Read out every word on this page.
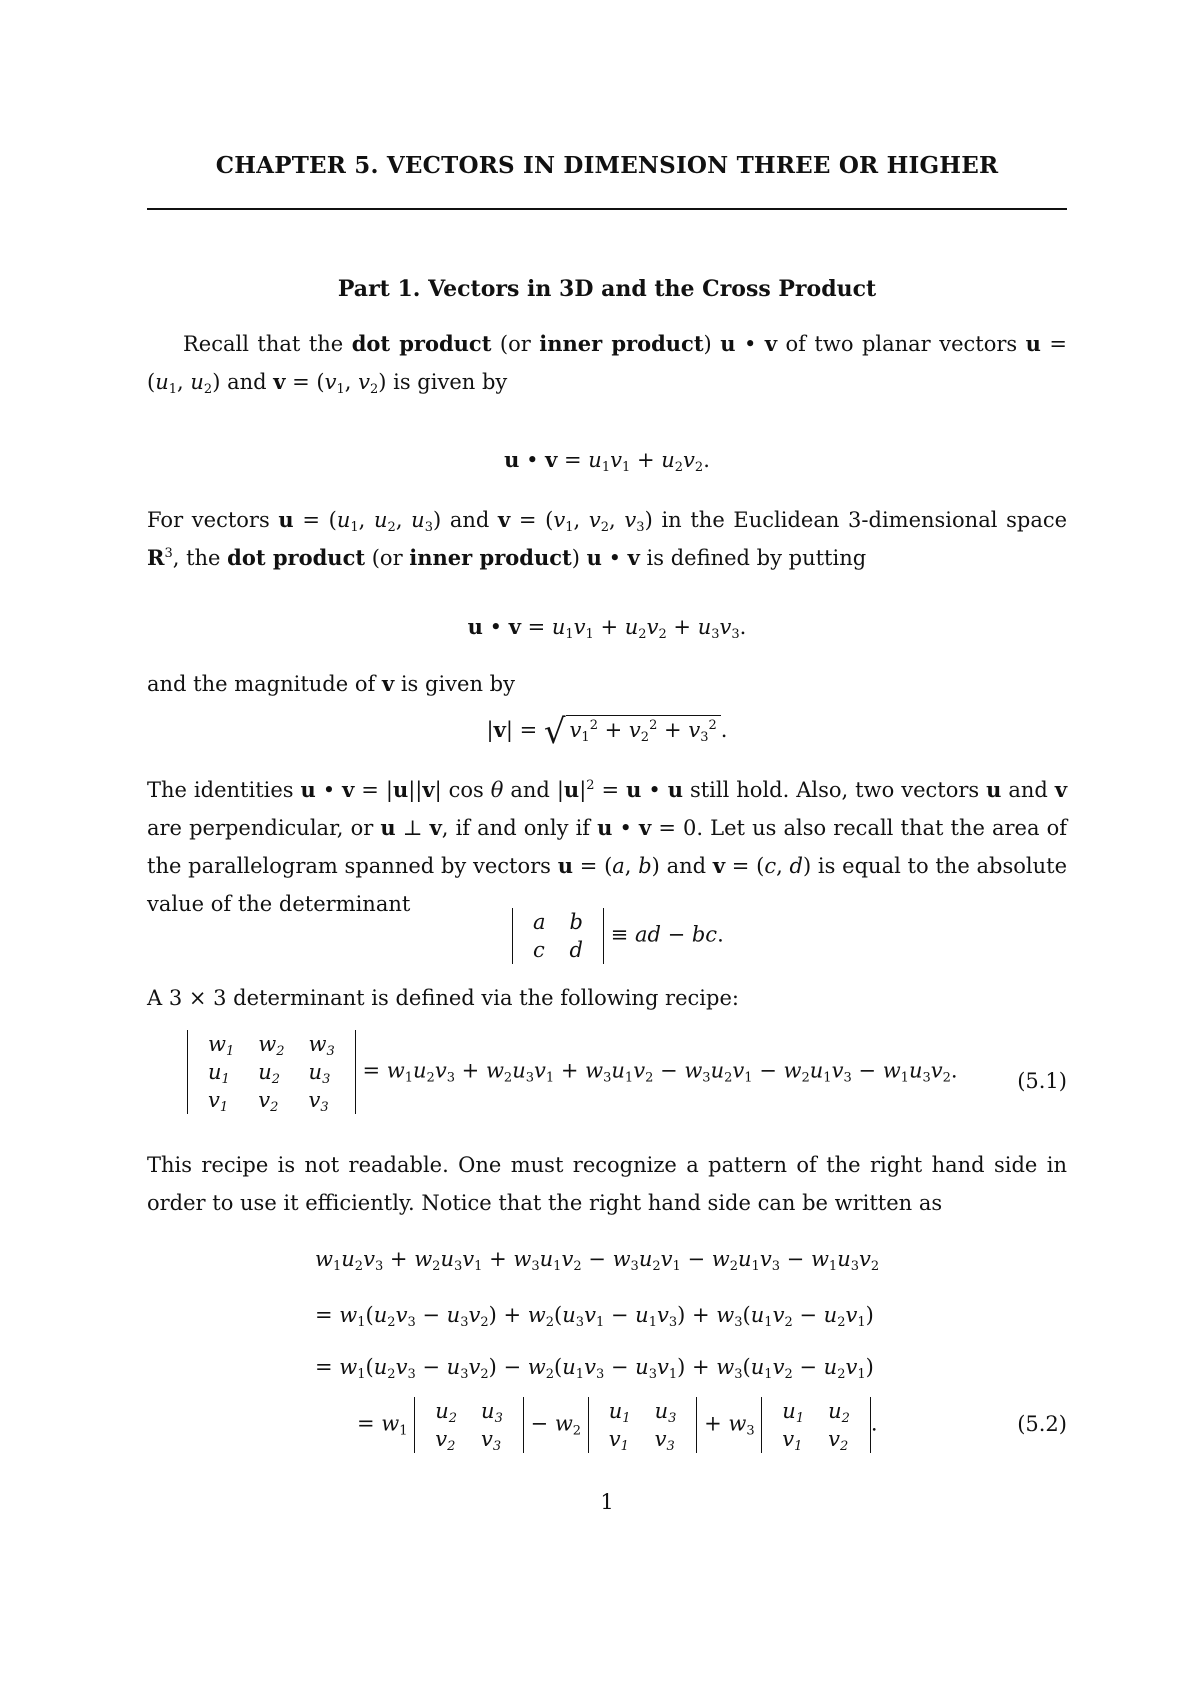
CHAPTER 5. VECTORS IN DIMENSION THREE OR HIGHER
Part 1. Vectors in 3D and the Cross Product
Recall that the dot product (or inner product) u • v of two planar vectors $u = (u_1$, $u_2$) and $v = (v_1$, $v_2$) is given by
u • $v = u_1v_1 + u_2v_2$.
For vectors $u = (u_1$, $u_2$, $u_3$) and $v = (v_1$, $v_2$, $v_3$) in the Euclidean 3-dimensional space $R^3$, the dot product (or inner product) u • v is defined by putting
u • $v = u_1v_1 + u_2v_2 + u_3v_3$.
and the magnitude of v is given by
|v| = √ $v_1^2 + v_2^2 + v_3^2$ .
The identities u • v = |u||v| cos θ and $|u|^2 = u$ • u still hold. Also, two vectors u and v are perpendicular, or u ⊥ v, if and only if u • v = 0. Let us also recall that the area of the parallelogram spanned by vectors u = (a, b) and v = (c, d) is equal to the absolute value of the determinant
a	b
c	d
≡ ad − bc.
A 3 × 3 determinant is defined via the following recipe:
$w_1$	$w_2$	$w_3$
$u_1$	$u_2$	$u_3$
$v_1$	$v_2$	$v_3$
= $w_1u_2v_3 + w_2u_3v_1 + w_3u_1v_2 - w_3u_2v_1 - w_2u_1v_3 - w_1u_3v_2$.	(5.1)
This recipe is not readable. One must recognize a pattern of the right hand side in order to use it efficiently. Notice that the right hand side can be written as
$w_1u_2v_3 + w_2u_3v_1 + w_3u_1v_2 - w_3u_2v_1 - w_2u_1v_3 - w_1u_3v_2$
= $w_1(u_2v_3 - u_3v_2) + w_2(u_3v_1 - u_1v_3) + w_3(u_1v_2 - u_2v_1)$
= $w_1(u_2v_3 - u_3v_2) - w_2(u_1v_3 - u_3v_1) + w_3(u_1v_2 - u_2v_1)$
= $w_1$
$u_2$	$u_3$
$v_2$	$v_3$
− $w_2$
$u_1$	$u_3$
$v_1$	$v_3$
+ $w_3$
$u_1$	$u_2$
$v_1$	$v_2$
.	(5.2)
1
